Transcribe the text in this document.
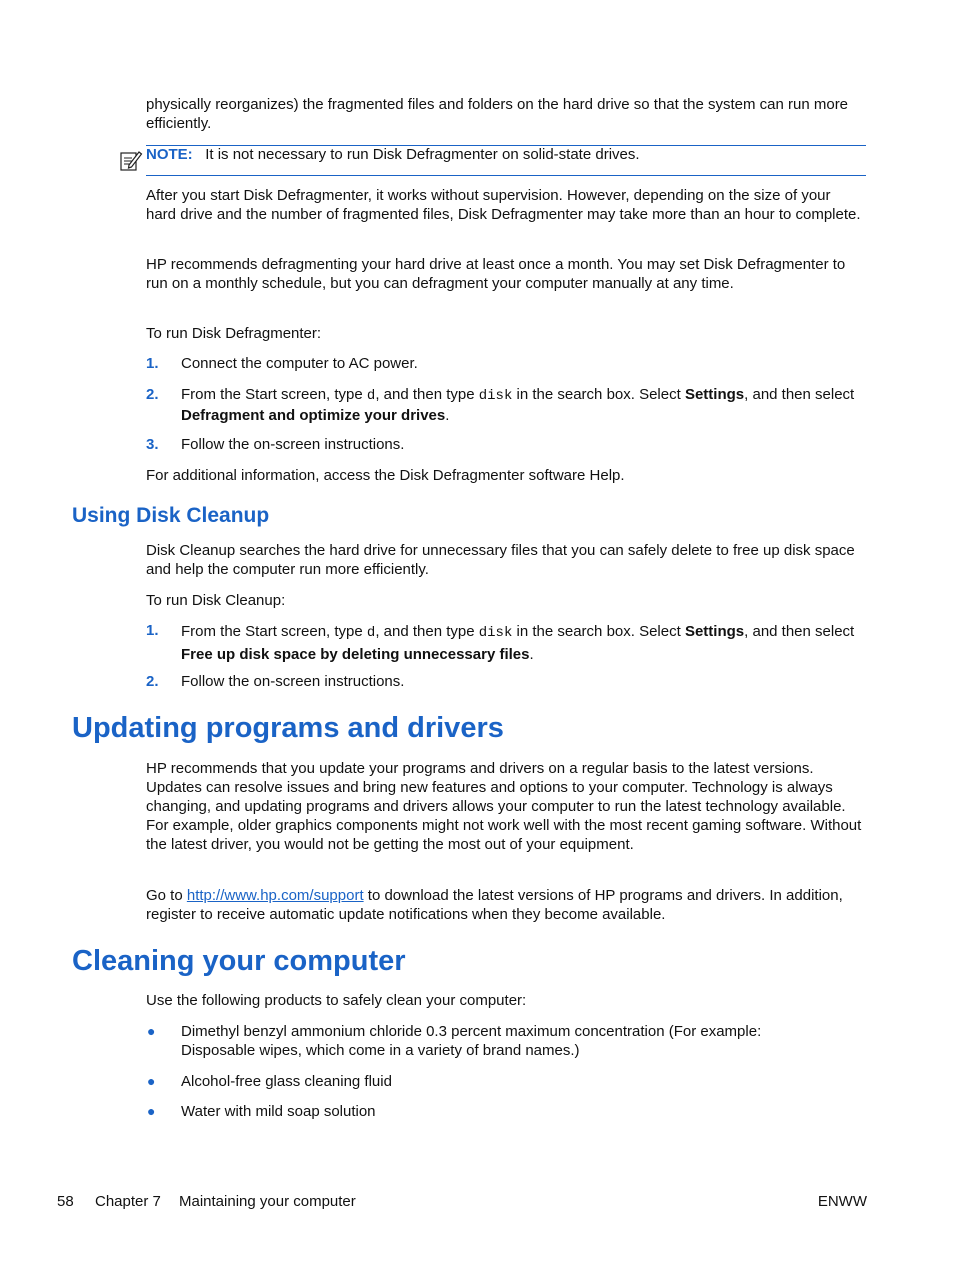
physically reorganizes) the fragmented files and folders on the hard drive so that the system can run more efficiently.

NOTE: It is not necessary to run Disk Defragmenter on solid-state drives.

After you start Disk Defragmenter, it works without supervision. However, depending on the size of your hard drive and the number of fragmented files, Disk Defragmenter may take more than an hour to complete.

HP recommends defragmenting your hard drive at least once a month. You may set Disk Defragmenter to run on a monthly schedule, but you can defragment your computer manually at any time.

To run Disk Defragmenter:

1. Connect the computer to AC power.

2. From the Start screen, type d, and then type disk in the search box. Select Settings, and then select Defragment and optimize your drives.

3. Follow the on-screen instructions.

For additional information, access the Disk Defragmenter software Help.

Using Disk Cleanup

Disk Cleanup searches the hard drive for unnecessary files that you can safely delete to free up disk space and help the computer run more efficiently.

To run Disk Cleanup:

1. From the Start screen, type d, and then type disk in the search box. Select Settings, and then select Free up disk space by deleting unnecessary files.

2. Follow the on-screen instructions.

Updating programs and drivers

HP recommends that you update your programs and drivers on a regular basis to the latest versions. Updates can resolve issues and bring new features and options to your computer. Technology is always changing, and updating programs and drivers allows your computer to run the latest technology available. For example, older graphics components might not work well with the most recent gaming software. Without the latest driver, you would not be getting the most out of your equipment.

Go to http://www.hp.com/support to download the latest versions of HP programs and drivers. In addition, register to receive automatic update notifications when they become available.

Cleaning your computer

Use the following products to safely clean your computer:

● Dimethyl benzyl ammonium chloride 0.3 percent maximum concentration (For example: Disposable wipes, which come in a variety of brand names.)

● Alcohol-free glass cleaning fluid

● Water with mild soap solution

58 Chapter 7 Maintaining your computer	ENWW
